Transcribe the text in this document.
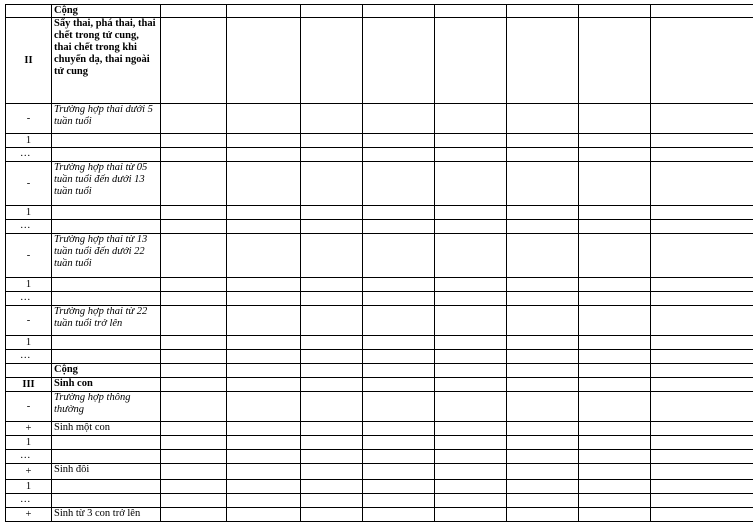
	Cộng								
II	Sẩy thai, phá thai, thai chết trong tử cung, thai chết trong khi chuyển dạ, thai ngoài tử cung								
-	Trường hợp thai dưới 5 tuần tuổi								
1									
…									
-	Trường hợp thai từ 05 tuần tuổi đến dưới 13 tuần tuổi								
1									
…									
-	Trường hợp thai từ 13 tuần tuổi đến dưới 22 tuần tuổi								
1									
…									
-	Trường hợp thai từ 22 tuần tuổi trở lên								
1									
…									
	Cộng								
III	Sinh con								
-	Trường hợp thông thường								
+	Sinh một con								
1									
…									
+	Sinh đôi								
1									
…									
+	Sinh từ 3 con trở lên								
